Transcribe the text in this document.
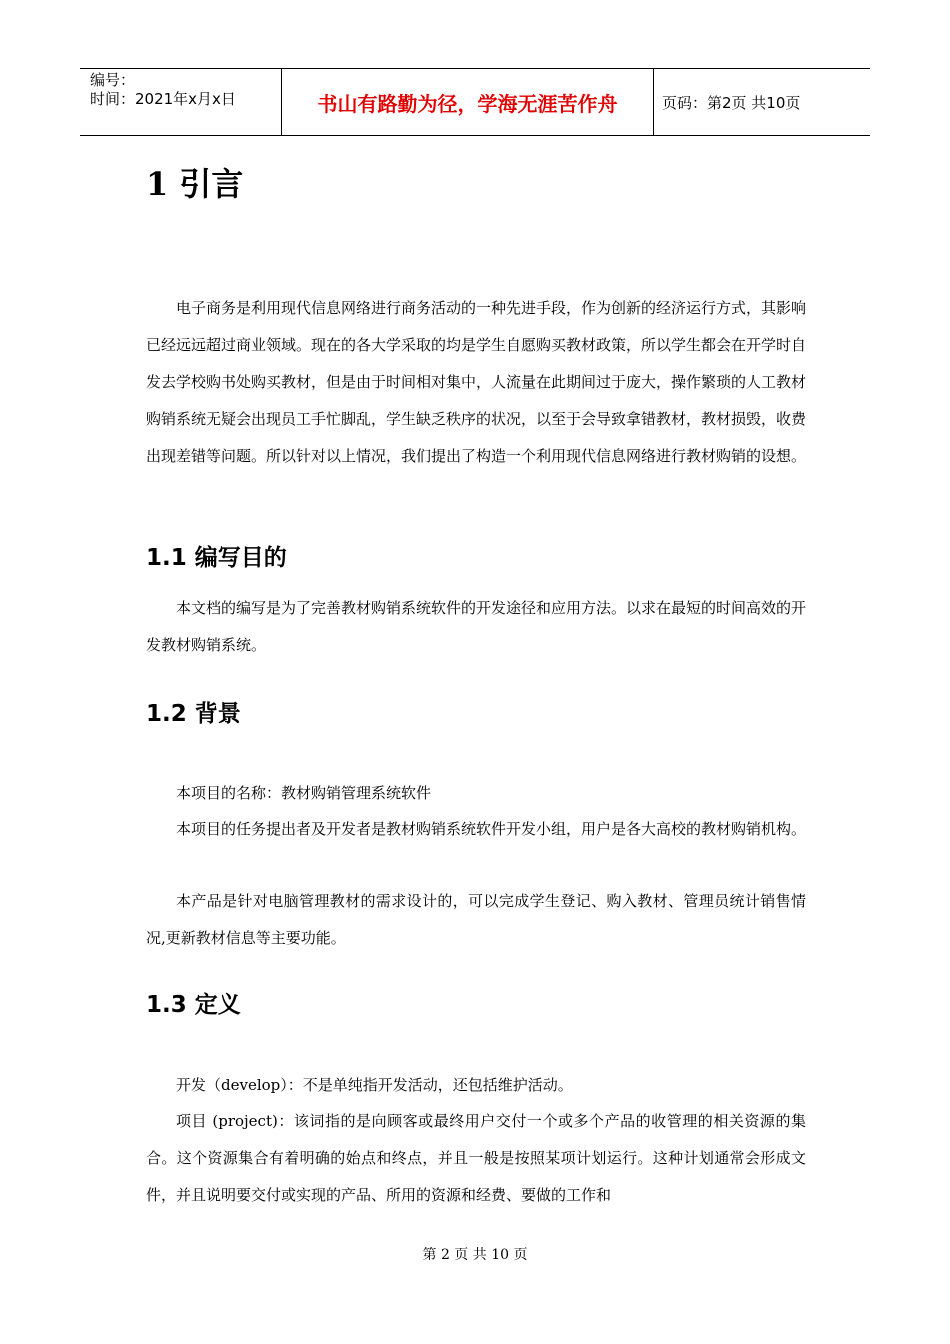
编号：
时间：2021年x月x日	书山有路勤为径，学海无涯苦作舟	页码：第2页 共10页
1 引言

电子商务是利用现代信息网络进行商务活动的一种先进手段，作为创新的经济运行方式，其影响已经远远超过商业领域。现在的各大学采取的均是学生自愿购买教材政策，所以学生都会在开学时自发去学校购书处购买教材，但是由于时间相对集中，人流量在此期间过于庞大，操作繁琐的人工教材购销系统无疑会出现员工手忙脚乱，学生缺乏秩序的状况，以至于会导致拿错教材，教材损毁，收费出现差错等问题。所以针对以上情况，我们提出了构造一个利用现代信息网络进行教材购销的设想。

1.1 编写目的

本文档的编写是为了完善教材购销系统软件的开发途径和应用方法。以求在最短的时间高效的开发教材购销系统。

1.2 背景

本项目的名称：教材购销管理系统软件

本项目的任务提出者及开发者是教材购销系统软件开发小组，用户是各大高校的教材购销机构。

本产品是针对电脑管理教材的需求设计的，可以完成学生登记、购入教材、管理员统计销售情况,更新教材信息等主要功能。

1.3 定义

开发（develop）：不是单纯指开发活动，还包括维护活动。

项目 (project)：该词指的是向顾客或最终用户交付一个或多个产品的收管理的相关资源的集合。这个资源集合有着明确的始点和终点，并且一般是按照某项计划运行。这种计划通常会形成文件，并且说明要交付或实现的产品、所用的资源和经费、要做的工作和

第 2 页 共 10 页
